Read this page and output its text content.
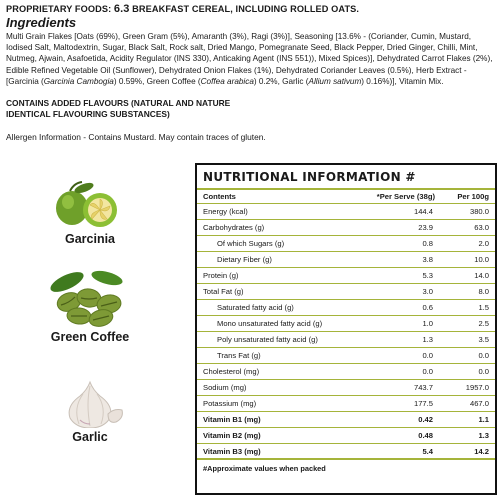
PROPRIETARY FOODS: 6.3 BREAKFAST CEREAL, INCLUDING ROLLED OATS.
Ingredients
Multi Grain Flakes [Oats (69%), Green Gram (5%), Amaranth (3%), Ragi (3%)], Seasoning [13.6% - (Coriander, Cumin, Mustard, Iodised Salt, Maltodextrin, Sugar, Black Salt, Rock salt, Dried Mango, Pomegranate Seed, Black Pepper, Dried Ginger, Chilli, Mint, Nutmeg, Ajwain, Asafoetida, Acidity Regulator (INS 330), Anticaking Agent (INS 551)), Mixed Spices)], Dehydrated Carrot Flakes (2%), Edible Refined Vegetable Oil (Sunflower), Dehydrated Onion Flakes (1%), Dehydrated Coriander Leaves (0.5%), Herb Extract - [Garcinia (Garcinia Cambogia) 0.59%, Green Coffee (Coffea arabica) 0.2%, Garlic (Allium sativum) 0.16%)], Vitamin Mix.
CONTAINS ADDED FLAVOURS (NATURAL AND NATURE IDENTICAL FLAVOURING SUBSTANCES)
Allergen Information - Contains Mustard. May contain traces of gluten.
Garcinia
Green Coffee
Garlic
NUTRITIONAL INFORMATION #
Contents	*Per Serve (38g)	Per 100g
Energy (kcal)	144.4	380.0
Carbohydrates (g)	23.9	63.0
Of which Sugars (g)	0.8	2.0
Dietary Fiber (g)	3.8	10.0
Protein (g)	5.3	14.0
Total Fat (g)	3.0	8.0
Saturated fatty acid (g)	0.6	1.5
Mono unsaturated fatty acid (g)	1.0	2.5
Poly unsaturated fatty acid (g)	1.3	3.5
Trans Fat (g)	0.0	0.0
Cholesterol (mg)	0.0	0.0
Sodium (mg)	743.7	1957.0
Potassium (mg)	177.5	467.0
Vitamin B1 (mg)	0.42	1.1
Vitamin B2 (mg)	0.48	1.3
Vitamin B3 (mg)	5.4	14.2
#Approximate values when packed
